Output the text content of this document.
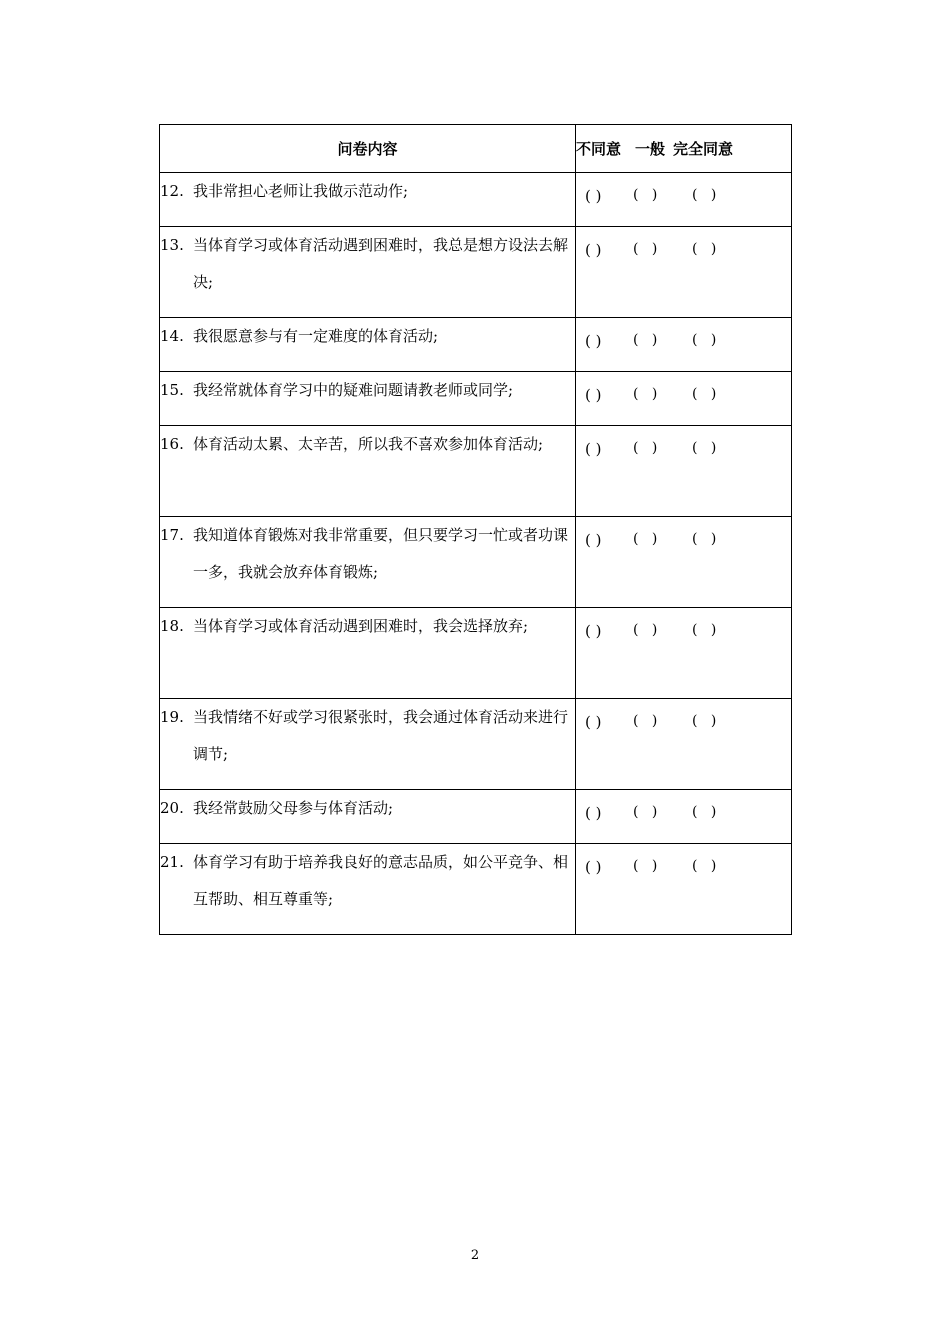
问卷内容	不同意 一般 完全同意

12. 我非常担心老师让我做示范动作;	( ) (   ) (   )

13. 当体育学习或体育活动遇到困难时，我总是想方设法去解决;	( ) (   ) (   )

14. 我很愿意参与有一定难度的体育活动;	( ) (   ) (   )

15. 我经常就体育学习中的疑难问题请教老师或同学;	( ) (   ) (   )

16. 体育活动太累、太辛苦，所以我不喜欢参加体育活动;	( ) (   ) (   )

17. 我知道体育锻炼对我非常重要，但只要学习一忙或者功课一多，我就会放弃体育锻炼;	( ) (   ) (   )

18. 当体育学习或体育活动遇到困难时，我会选择放弃;	( ) (   ) (   )

19. 当我情绪不好或学习很紧张时，我会通过体育活动来进行调节;	( ) (   ) (   )

20. 我经常鼓励父母参与体育活动;	( ) (   ) (   )

21. 体育学习有助于培养我良好的意志品质，如公平竞争、相互帮助、相互尊重等;	( ) (   ) (   )
2
